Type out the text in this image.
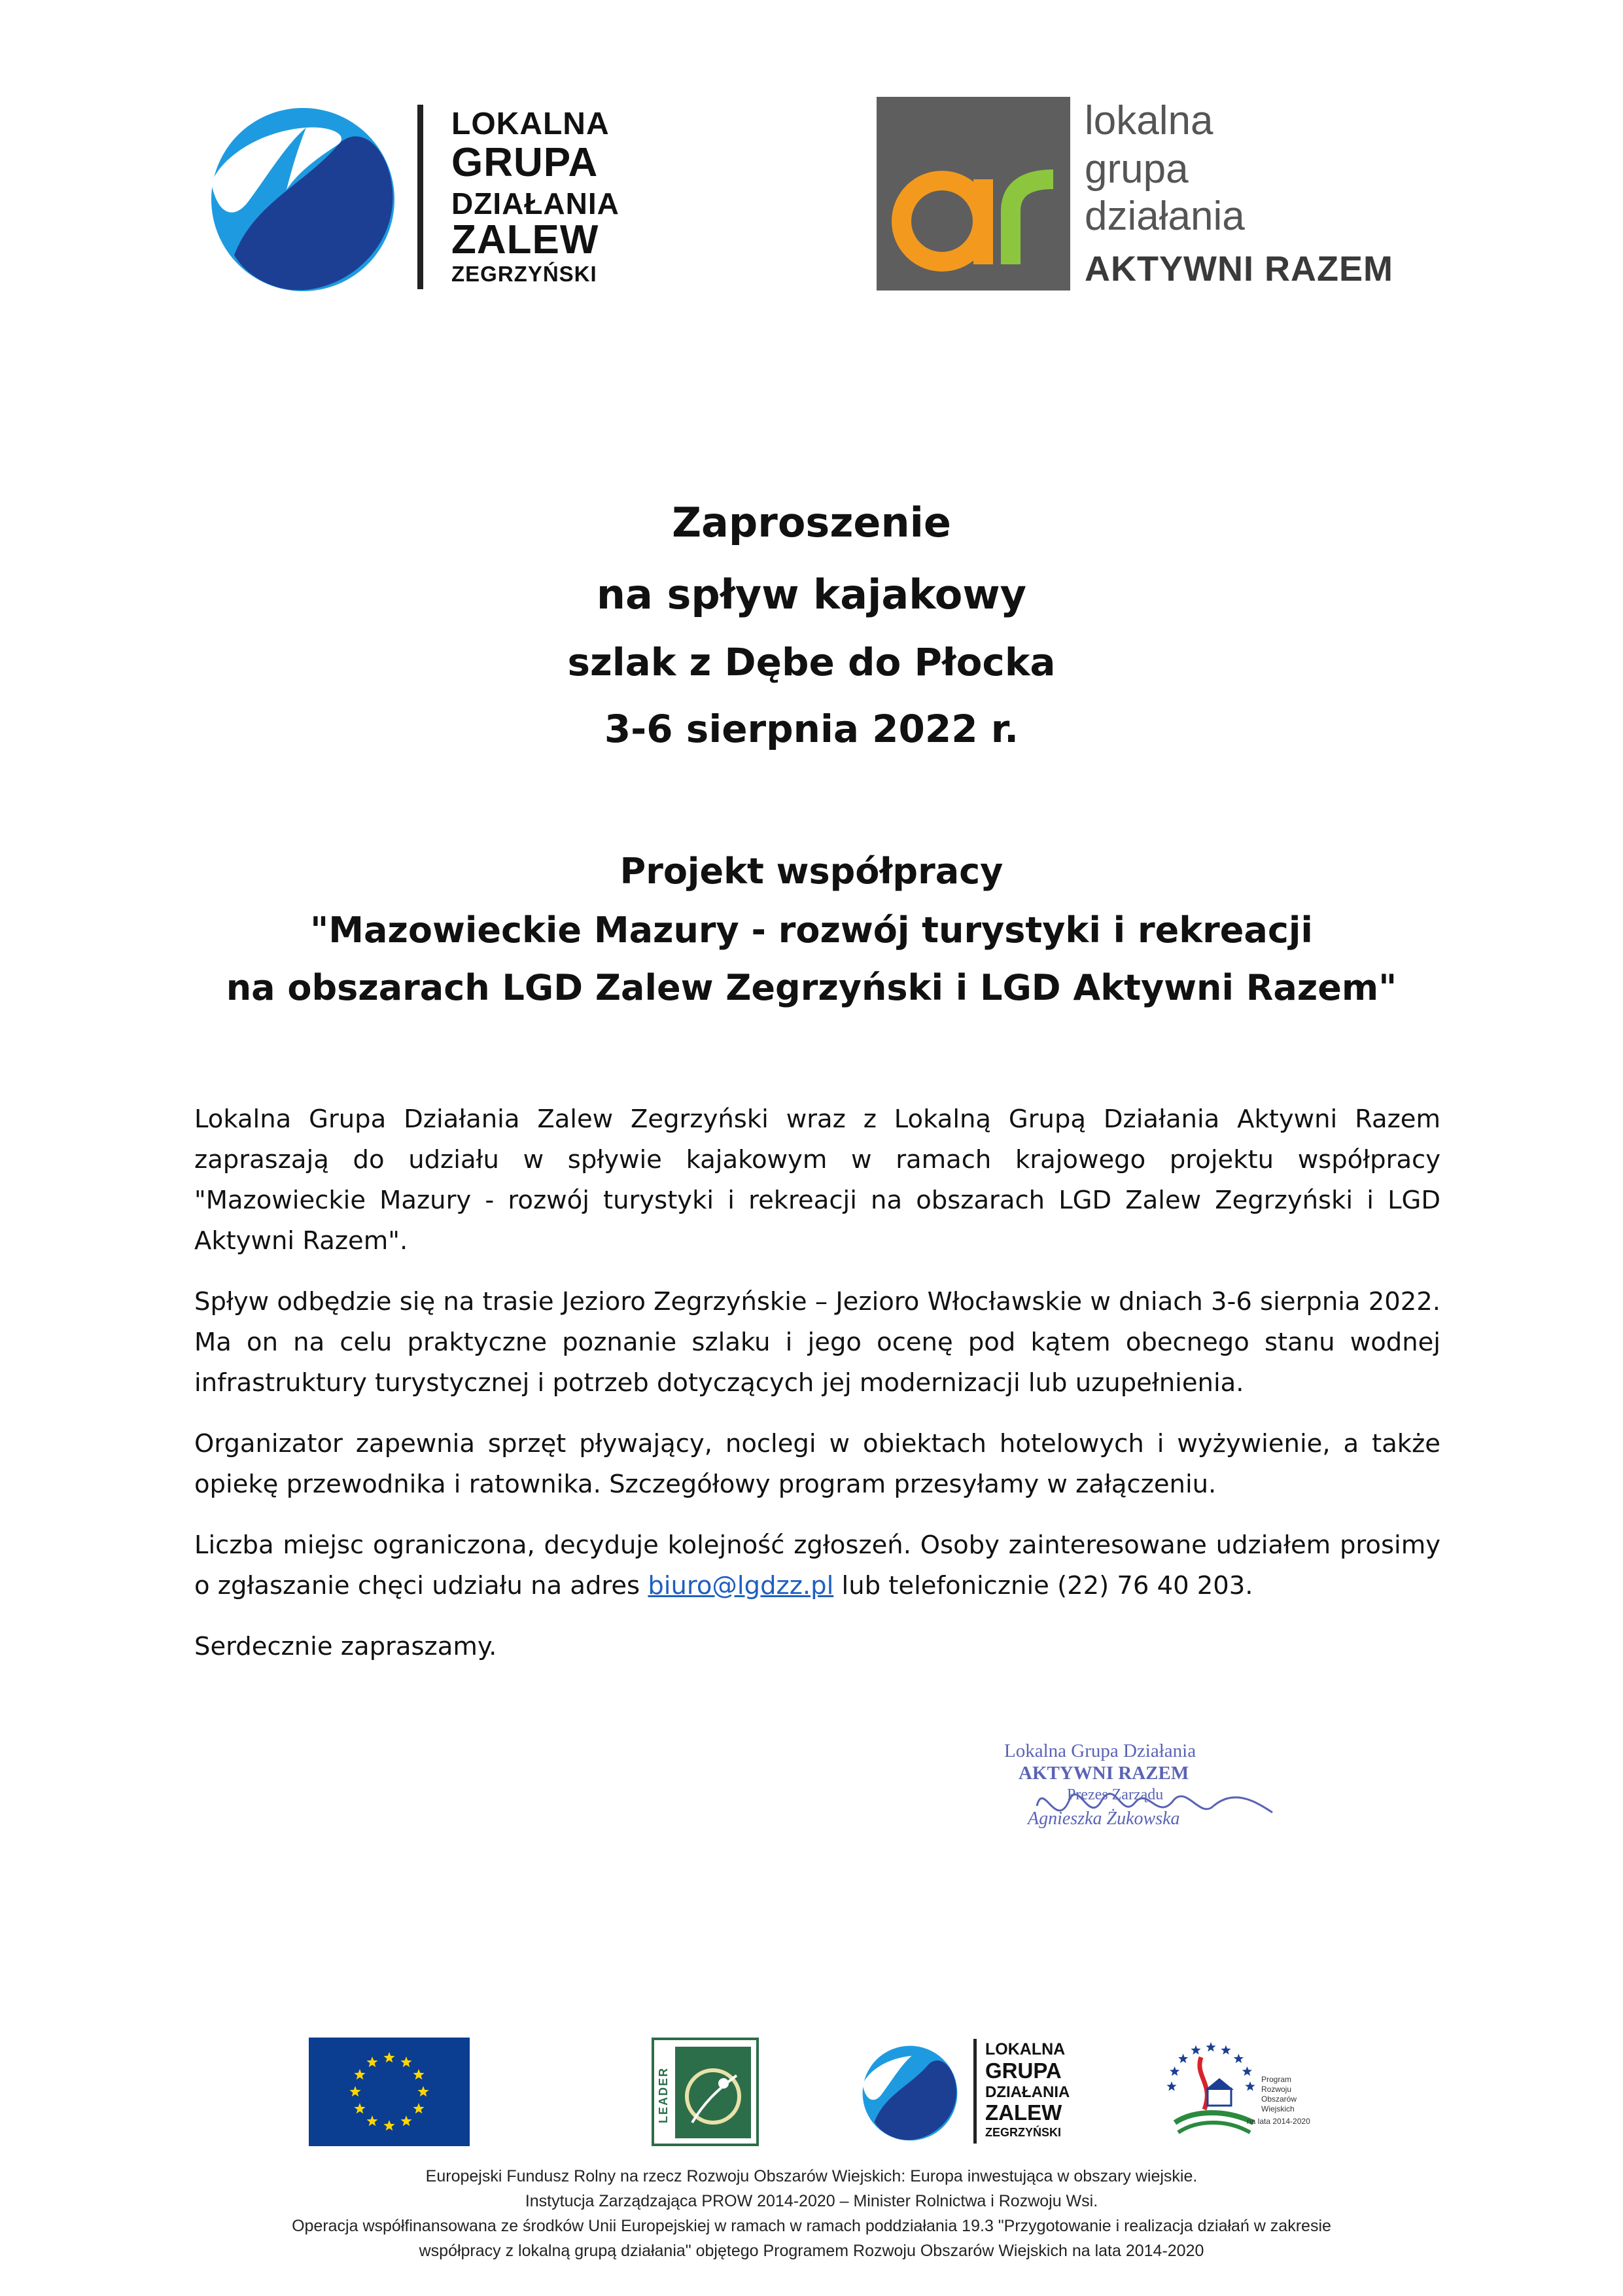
LOKALNA
GRUPA
DZIAŁANIA
ZALEW
ZEGRZYŃSKI
lokalna
grupa
działania
AKTYWNI RAZEM
Zaproszenie
na spływ kajakowy
szlak z Dębe do Płocka
3-6 sierpnia 2022 r.
Projekt współpracy
"Mazowieckie Mazury - rozwój turystyki i rekreacji
na obszarach LGD Zalew Zegrzyński i LGD Aktywni Razem"

Lokalna Grupa Działania Zalew Zegrzyński wraz z Lokalną Grupą Działania Aktywni Razem zapraszają do udziału w spływie kajakowym w ramach krajowego projektu współpracy "Mazowieckie Mazury - rozwój turystyki i rekreacji na obszarach LGD Zalew Zegrzyński i LGD Aktywni Razem".

Spływ odbędzie się na trasie Jezioro Zegrzyńskie – Jezioro Włocławskie w dniach 3-6 sierpnia 2022. Ma on na celu praktyczne poznanie szlaku i jego ocenę pod kątem obecnego stanu wodnej infrastruktury turystycznej i potrzeb dotyczących jej modernizacji lub uzupełnienia.

Organizator zapewnia sprzęt pływający, noclegi w obiektach hotelowych i wyżywienie, a także opiekę przewodnika i ratownika. Szczegółowy program przesyłamy w załączeniu.

Liczba miejsc ograniczona, decyduje kolejność zgłoszeń. Osoby zainteresowane udziałem prosimy o zgłaszanie chęci udziału na adres biuro@lgdzz.pl lub telefonicznie (22) 76 40 203.

Serdecznie zapraszamy.

Lokalna Grupa Działania
AKTYWNI RAZEM
Prezes Zarządu
Agnieszka Żukowska
LEADER
LOKALNA
GRUPA
DZIAŁANIA
ZALEW
ZEGRZYŃSKI
Program
Rozwoju
Obszarów
Wiejskich
na lata 2014-2020
Europejski Fundusz Rolny na rzecz Rozwoju Obszarów Wiejskich: Europa inwestująca w obszary wiejskie.
Instytucja Zarządzająca PROW 2014-2020 – Minister Rolnictwa i Rozwoju Wsi.
Operacja współfinansowana ze środków Unii Europejskiej w ramach w ramach poddziałania 19.3 "Przygotowanie i realizacja działań w zakresie
współpracy z lokalną grupą działania" objętego Programem Rozwoju Obszarów Wiejskich na lata 2014-2020
